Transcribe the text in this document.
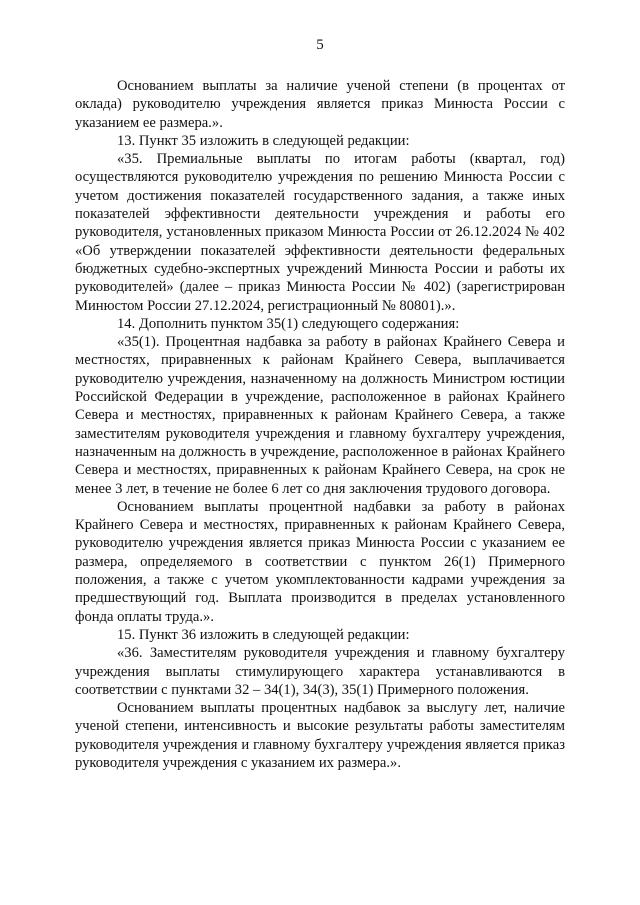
5

Основанием выплаты за наличие ученой степени (в процентах от оклада) руководителю учреждения является приказ Минюста России с указанием ее размера.».

13. Пункт 35 изложить в следующей редакции:

«35. Премиальные выплаты по итогам работы (квартал, год) осуществляются руководителю учреждения по решению Минюста России с учетом достижения показателей государственного задания, а также иных показателей эффективности деятельности учреждения и работы его руководителя, установленных приказом Минюста России от 26.12.2024 № 402 «Об утверждении показателей эффективности деятельности федеральных бюджетных судебно-экспертных учреждений Минюста России и работы их руководителей» (далее – приказ Минюста России № 402) (зарегистрирован Минюстом России 27.12.2024, регистрационный № 80801).».

14. Дополнить пунктом 35(1) следующего содержания:

«35(1). Процентная надбавка за работу в районах Крайнего Севера и местностях, приравненных к районам Крайнего Севера, выплачивается руководителю учреждения, назначенному на должность Министром юстиции Российской Федерации в учреждение, расположенное в районах Крайнего Севера и местностях, приравненных к районам Крайнего Севера, а также заместителям руководителя учреждения и главному бухгалтеру учреждения, назначенным на должность в учреждение, расположенное в районах Крайнего Севера и местностях, приравненных к районам Крайнего Севера, на срок не менее 3 лет, в течение не более 6 лет со дня заключения трудового договора.

Основанием выплаты процентной надбавки за работу в районах Крайнего Севера и местностях, приравненных к районам Крайнего Севера, руководителю учреждения является приказ Минюста России с указанием ее размера, определяемого в соответствии с пунктом 26(1) Примерного положения, а также с учетом укомплектованности кадрами учреждения за предшествующий год. Выплата производится в пределах установленного фонда оплаты труда.».

15. Пункт 36 изложить в следующей редакции:

«36. Заместителям руководителя учреждения и главному бухгалтеру учреждения выплаты стимулирующего характера устанавливаются в соответствии с пунктами 32 – 34(1), 34(3), 35(1) Примерного положения.

Основанием выплаты процентных надбавок за выслугу лет, наличие ученой степени, интенсивность и высокие результаты работы заместителям руководителя учреждения и главному бухгалтеру учреждения является приказ руководителя учреждения с указанием их размера.».
